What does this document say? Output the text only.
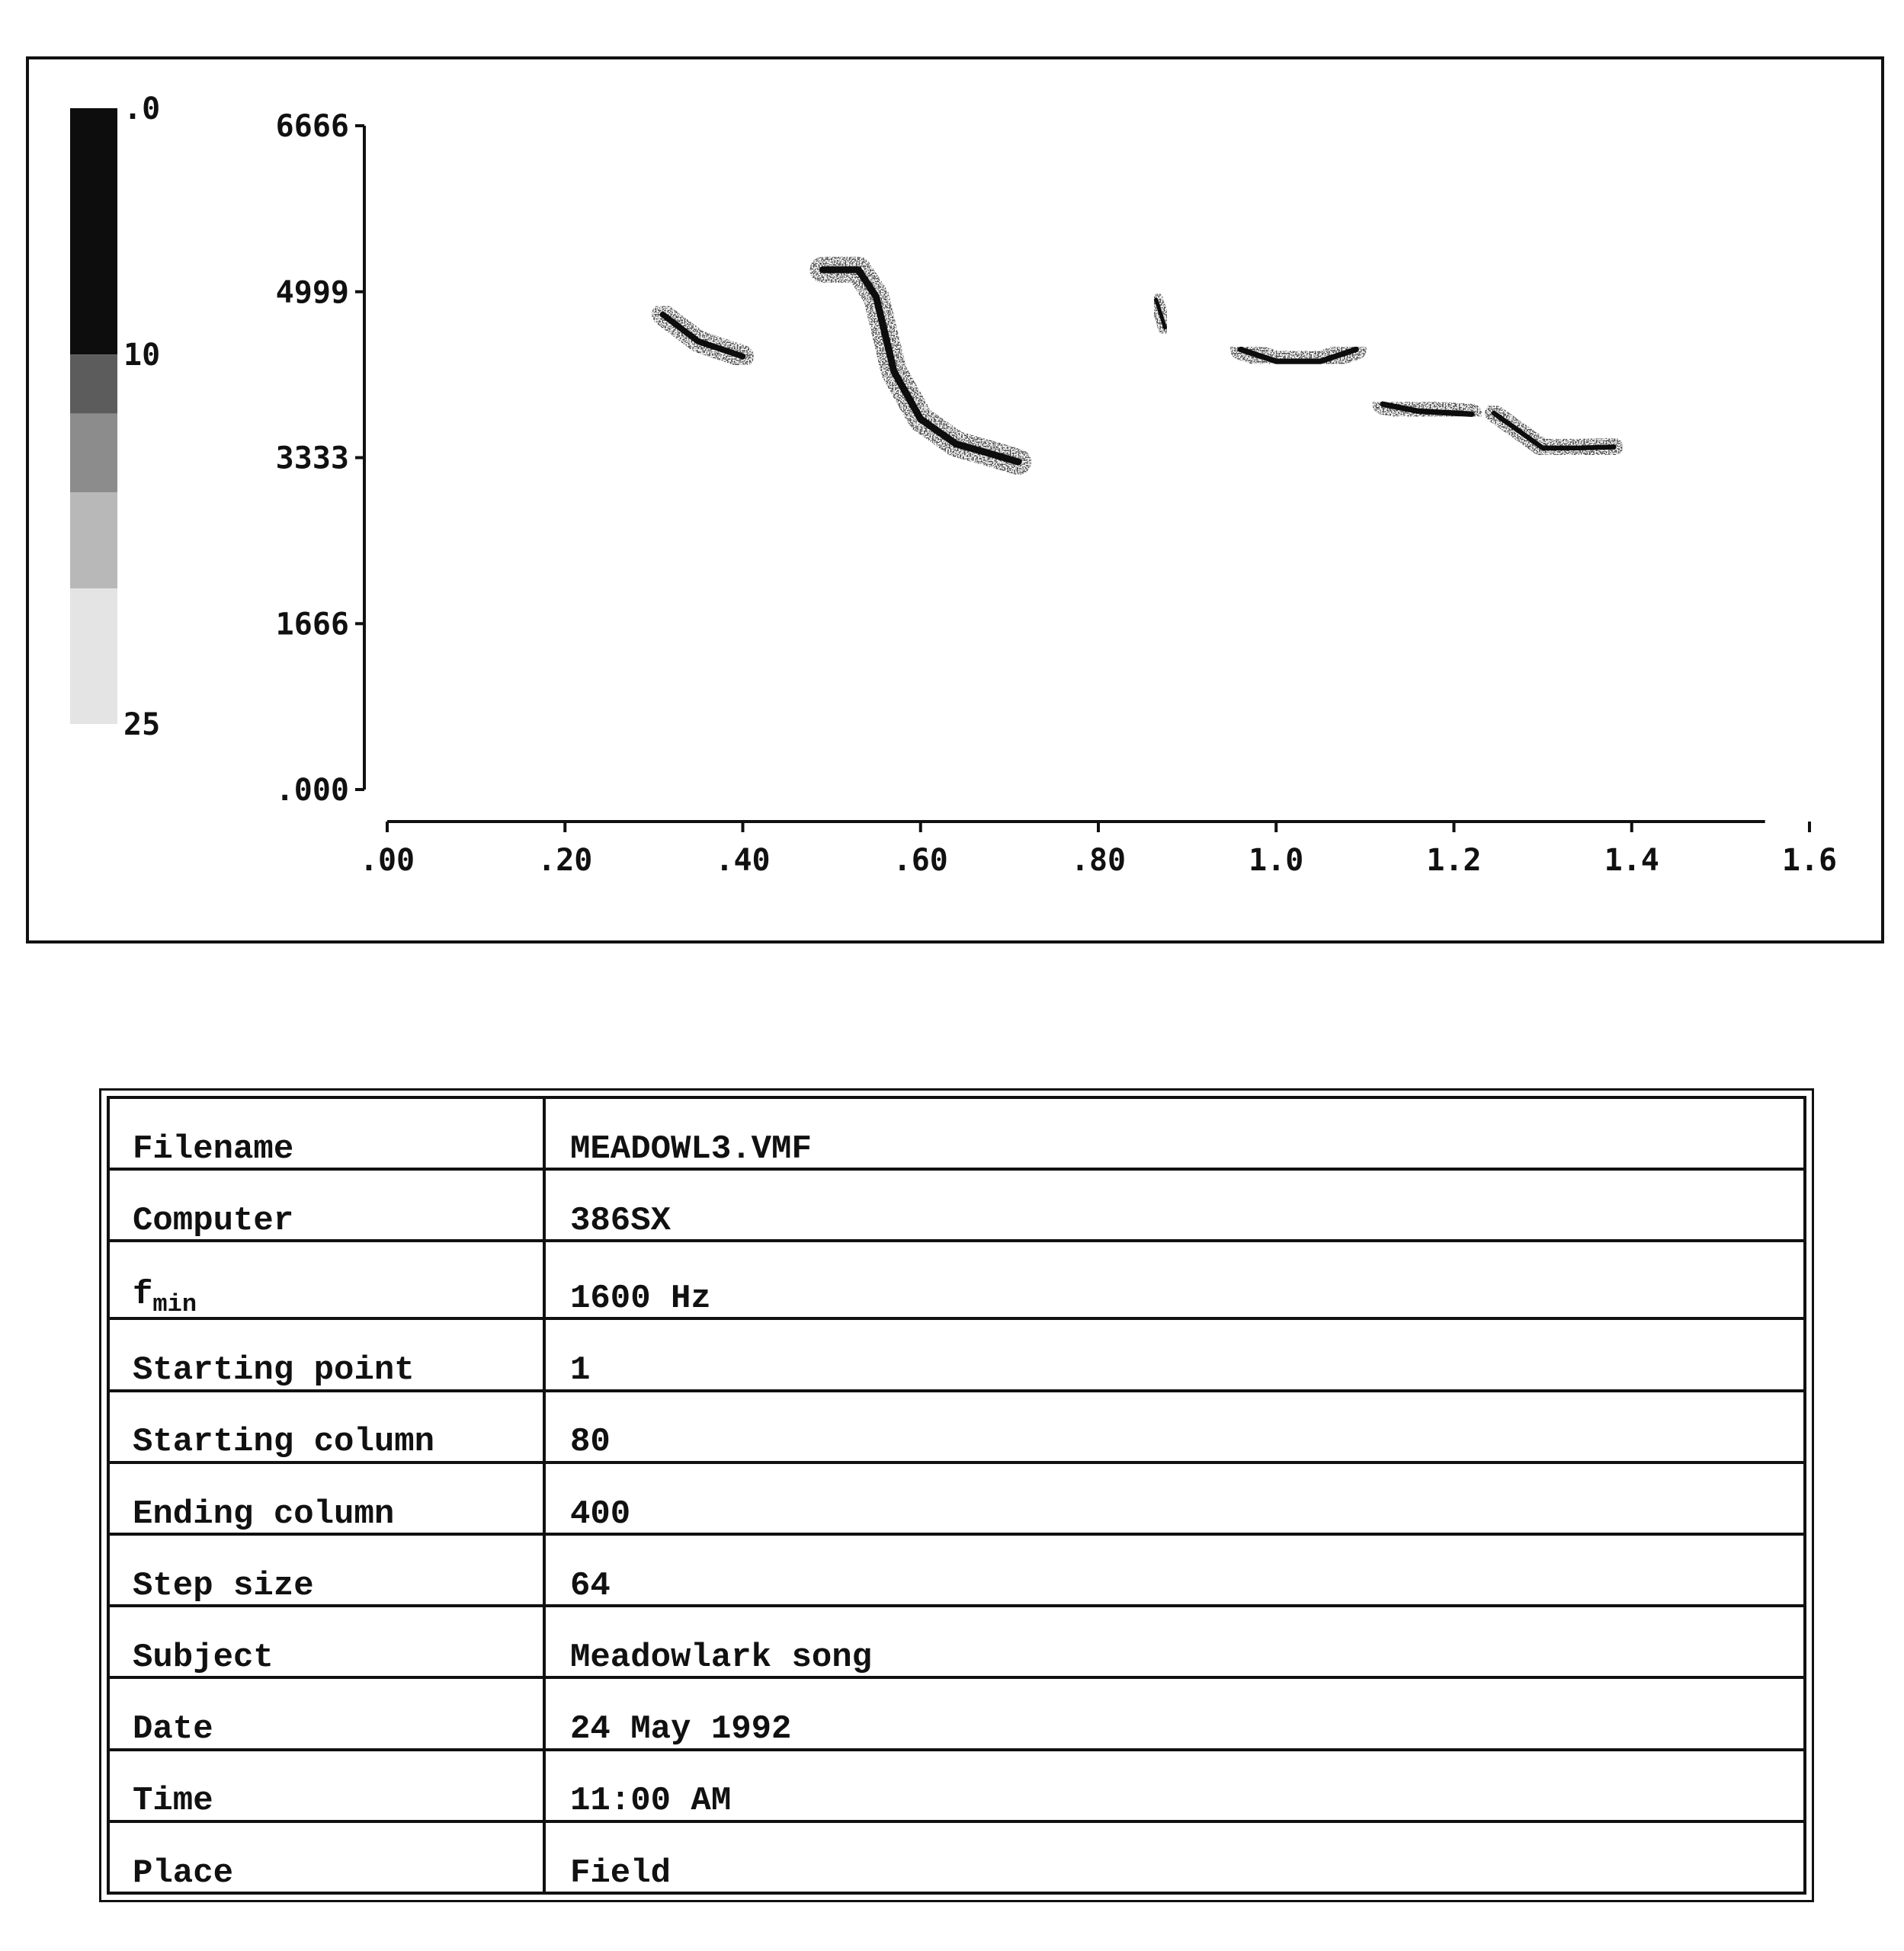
.0
10
25
.000
1666
3333
4999
6666
.00	.20	.40	.60	.80	1.0	1.2	1.4	1.6
Filename	MEADOWL3.VMF
Computer	386SX
$f_{min}$	1600 Hz
Starting point	1
Starting column	80
Ending column	400
Step size	64
Subject	Meadowlark song
Date	24 May 1992
Time	11:00 AM
Place	Field
